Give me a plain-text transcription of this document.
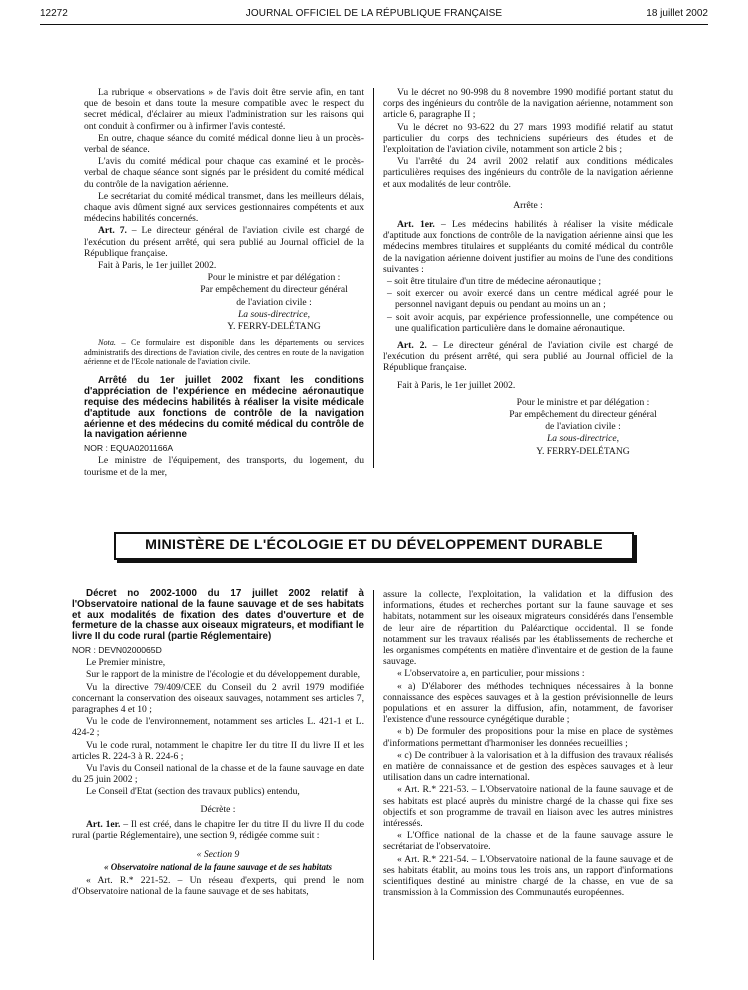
12272	JOURNAL OFFICIEL DE LA RÉPUBLIQUE FRANÇAISE	18 juillet 2002

La rubrique « observations » de l'avis doit être servie afin, en tant que de besoin et dans toute la mesure compatible avec le respect du secret médical, d'éclairer au mieux l'administration sur les raisons qui ont conduit à confirmer ou à infirmer l'avis contesté.

En outre, chaque séance du comité médical donne lieu à un procès-verbal de séance.

L'avis du comité médical pour chaque cas examiné et le procès-verbal de chaque séance sont signés par le président du comité médical du contrôle de la navigation aérienne.

Le secrétariat du comité médical transmet, dans les meilleurs délais, chaque avis dûment signé aux services gestionnaires compétents et aux médecins habilités concernés.

Art. 7. – Le directeur général de l'aviation civile est chargé de l'exécution du présent arrêté, qui sera publié au Journal officiel de la République française.

Fait à Paris, le 1er juillet 2002.

Pour le ministre et par délégation :

Par empêchement du directeur général

de l'aviation civile :

La sous-directrice,

Y. FERRY-DELÉTANG

Nota. – Ce formulaire est disponible dans les départements ou services administratifs des directions de l'aviation civile, des centres en route de la navigation aérienne et de l'Ecole nationale de l'aviation civile.

Arrêté du 1er juillet 2002 fixant les conditions d'appréciation de l'expérience en médecine aéronautique requise des médecins habilités à réaliser la visite médicale d'aptitude aux fonctions de contrôle de la navigation aérienne et des médecins du comité médical du contrôle de la navigation aérienne

NOR : EQUA0201166A

Le ministre de l'équipement, des transports, du logement, du tourisme et de la mer,

Vu le décret no 90-998 du 8 novembre 1990 modifié portant statut du corps des ingénieurs du contrôle de la navigation aérienne, notamment son article 6, paragraphe II ;

Vu le décret no 93-622 du 27 mars 1993 modifié relatif au statut particulier du corps des techniciens supérieurs des études et de l'exploitation de l'aviation civile, notamment son article 2 bis ;

Vu l'arrêté du 24 avril 2002 relatif aux conditions médicales particulières requises des ingénieurs du contrôle de la navigation aérienne et aux modalités de leur contrôle.

Arrête :

Art. 1er. – Les médecins habilités à réaliser la visite médicale d'aptitude aux fonctions de contrôle de la navigation aérienne ainsi que les médecins membres titulaires et suppléants du comité médical du contrôle de la navigation aérienne doivent justifier au moins de l'une des conditions suivantes :

– soit être titulaire d'un titre de médecine aéronautique ;

– soit exercer ou avoir exercé dans un centre médical agréé pour le personnel navigant depuis ou pendant au moins un an ;

– soit avoir acquis, par expérience professionnelle, une compétence ou une qualification particulière dans le domaine aéronautique.

Art. 2. – Le directeur général de l'aviation civile est chargé de l'exécution du présent arrêté, qui sera publié au Journal officiel de la République française.

Fait à Paris, le 1er juillet 2002.

Pour le ministre et par délégation :

Par empêchement du directeur général

de l'aviation civile :

La sous-directrice,

Y. FERRY-DELÉTANG

MINISTÈRE DE L'ÉCOLOGIE ET DU DÉVELOPPEMENT DURABLE

Décret no 2002-1000 du 17 juillet 2002 relatif à l'Observatoire national de la faune sauvage et de ses habitats et aux modalités de fixation des dates d'ouverture et de fermeture de la chasse aux oiseaux migrateurs, et modifiant le livre II du code rural (partie Réglementaire)

NOR : DEVN0200065D

Le Premier ministre,

Sur le rapport de la ministre de l'écologie et du développement durable,

Vu la directive 79/409/CEE du Conseil du 2 avril 1979 modifiée concernant la conservation des oiseaux sauvages, notamment ses articles 7, paragraphes 4 et 10 ;

Vu le code de l'environnement, notamment ses articles L. 421-1 et L. 424-2 ;

Vu le code rural, notamment le chapitre Ier du titre II du livre II et les articles R. 224-3 à R. 224-6 ;

Vu l'avis du Conseil national de la chasse et de la faune sauvage en date du 25 juin 2002 ;

Le Conseil d'Etat (section des travaux publics) entendu,

Décrète :

Art. 1er. – Il est créé, dans le chapitre Ier du titre II du livre II du code rural (partie Réglementaire), une section 9, rédigée comme suit :

« Section 9

« Observatoire national de la faune sauvage et de ses habitats

« Art. R.* 221-52. – Un réseau d'experts, qui prend le nom d'Observatoire national de la faune sauvage et de ses habitats,

assure la collecte, l'exploitation, la validation et la diffusion des informations, études et recherches portant sur la faune sauvage et ses habitats, notamment sur les oiseaux migrateurs considérés dans l'ensemble de leur aire de répartition du Paléarctique occidental. Il se fonde notamment sur les travaux réalisés par les établissements de recherche et les organismes compétents en matière d'inventaire et de gestion de la faune sauvage.

« L'observatoire a, en particulier, pour missions :

« a) D'élaborer des méthodes techniques nécessaires à la bonne connaissance des espèces sauvages et à la gestion prévisionnelle de leurs populations et en assurer la diffusion, afin, notamment, de favoriser l'existence d'une ressource cynégétique durable ;

« b) De formuler des propositions pour la mise en place de systèmes d'informations permettant d'harmoniser les données recueillies ;

« c) De contribuer à la valorisation et à la diffusion des travaux réalisés en matière de connaissance et de gestion des espèces sauvages et à leur utilisation dans un cadre international.

« Art. R.* 221-53. – L'Observatoire national de la faune sauvage et de ses habitats est placé auprès du ministre chargé de la chasse qui fixe ses objectifs et son programme de travail en liaison avec les autres ministres intéressés.

« L'Office national de la chasse et de la faune sauvage assure le secrétariat de l'observatoire.

« Art. R.* 221-54. – L'Observatoire national de la faune sauvage et de ses habitats établit, au moins tous les trois ans, un rapport d'informations scientifiques destiné au ministre chargé de la chasse, en vue de sa transmission à la Commission des Communautés européennes.
